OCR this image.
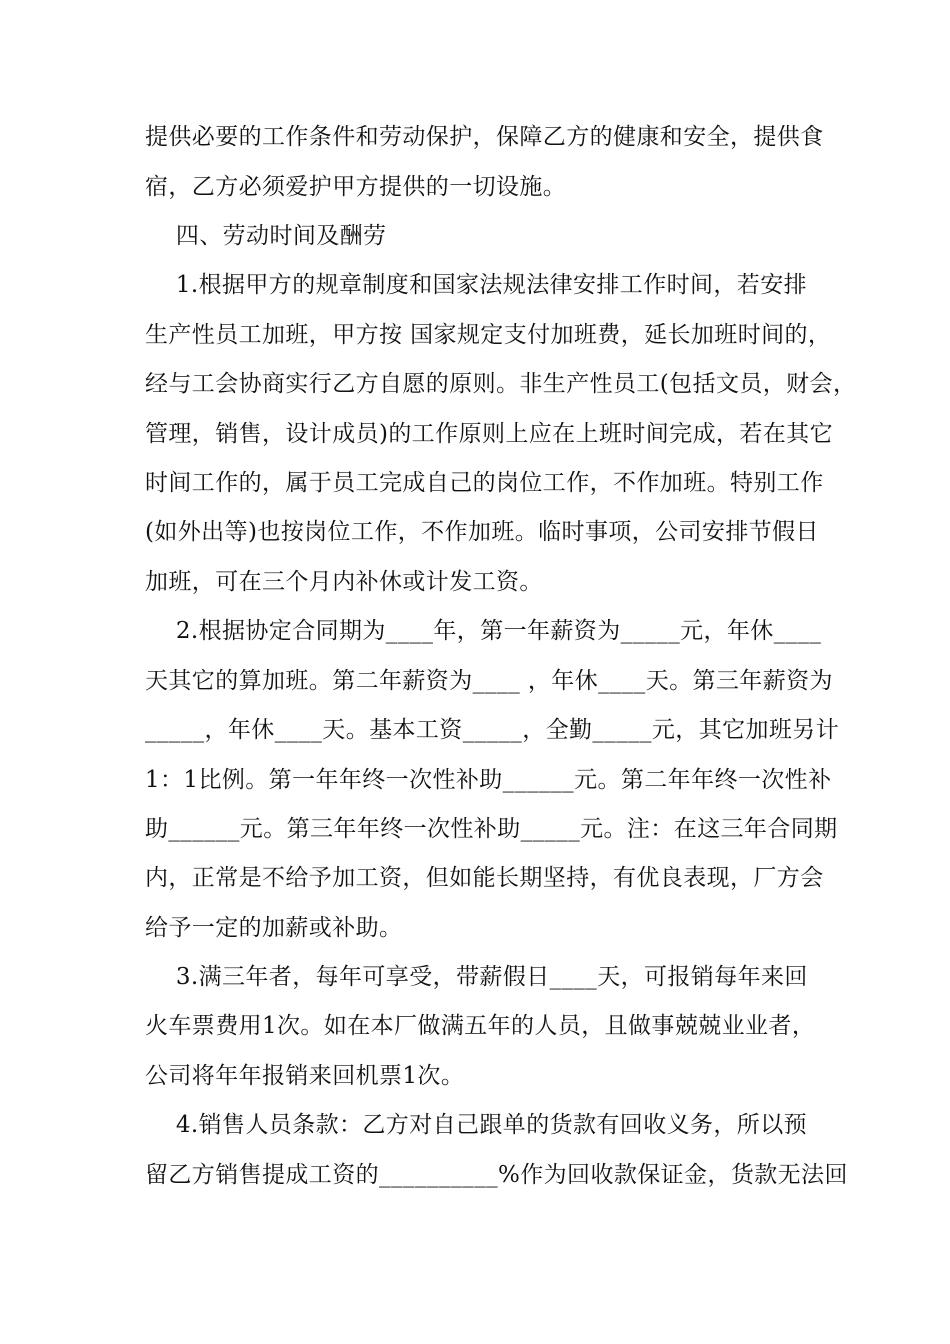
提供必要的工作条件和劳动保护，保障乙方的健康和安全，提供食
宿，乙方必须爱护甲方提供的一切设施。
四、劳动时间及酬劳
1.根据甲方的规章制度和国家法规法律安排工作时间，若安排
生产性员工加班，甲方按 国家规定支付加班费，延长加班时间的，
经与工会协商实行乙方自愿的原则。非生产性员工(包括文员，财会，
管理，销售，设计成员)的工作原则上应在上班时间完成，若在其它
时间工作的，属于员工完成自己的岗位工作，不作加班。特别工作
(如外出等)也按岗位工作，不作加班。临时事项，公司安排节假日
加班，可在三个月内补休或计发工资。
2.根据协定合同期为____年，第一年薪资为_____元，年休____
天其它的算加班。第二年薪资为____ ，年休____天。第三年薪资为
_____，年休____天。基本工资_____，全勤_____元，其它加班另计
1：1比例。第一年年终一次性补助______元。第二年年终一次性补
助______元。第三年年终一次性补助_____元。注：在这三年合同期
内，正常是不给予加工资，但如能长期坚持，有优良表现，厂方会
给予一定的加薪或补助。
3.满三年者，每年可享受，带薪假日____天，可报销每年来回
火车票费用1次。如在本厂做满五年的人员，且做事兢兢业业者，
公司将年年报销来回机票1次。
4.销售人员条款：乙方对自己跟单的货款有回收义务，所以预
留乙方销售提成工资的__________%作为回收款保证金，货款无法回
